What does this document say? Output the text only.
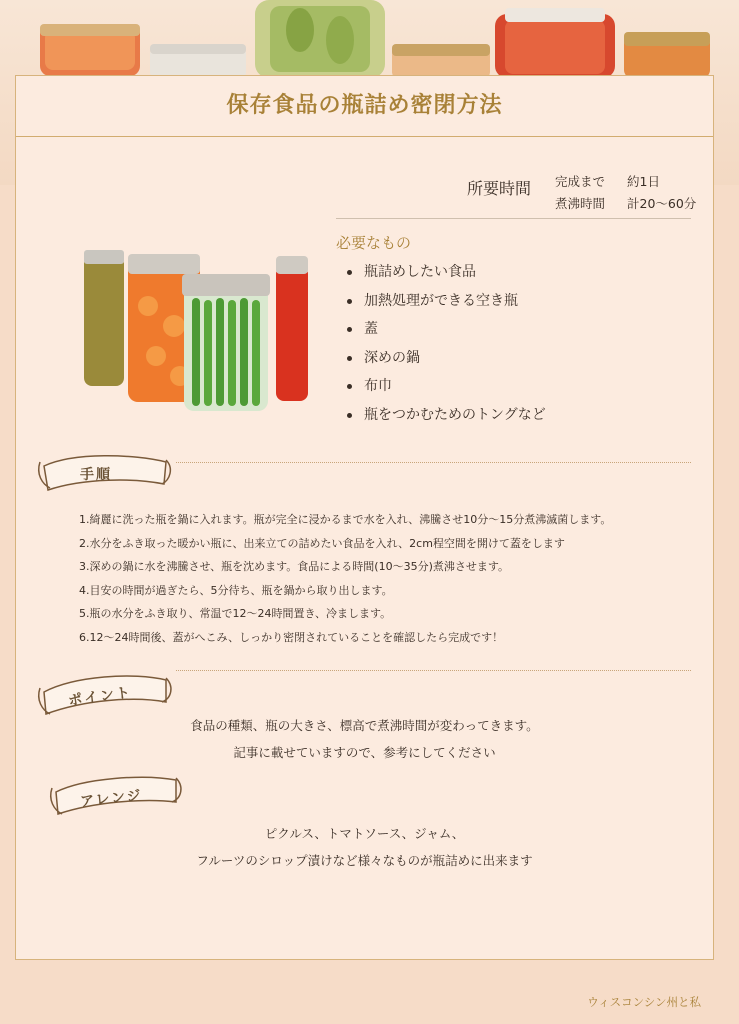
保存食品の瓶詰め密閉方法
所要時間 完成まで 約1日
煮沸時間 計20〜60分
必要なもの
瓶詰めしたい食品
加熱処理ができる空き瓶
蓋
深めの鍋
布巾
瓶をつかむためのトングなど
手順
1.綺麗に洗った瓶を鍋に入れます。瓶が完全に浸かるまで水を入れ、沸騰させ10分〜15分煮沸滅菌します。
2.水分をふき取った暖かい瓶に、出来立ての詰めたい食品を入れ、2cm程空間を開けて蓋をします
3.深めの鍋に水を沸騰させ、瓶を沈めます。食品による時間(10〜35分)煮沸させます。
4.目安の時間が過ぎたら、5分待ち、瓶を鍋から取り出します。
5.瓶の水分をふき取り、常温で12〜24時間置き、冷まします。
6.12〜24時間後、蓋がへこみ、しっかり密閉されていることを確認したら完成です！
ポイント
食品の種類、瓶の大きさ、標高で煮沸時間が変わってきます。
記事に載せていますので、参考にしてください
アレンジ
ピクルス、トマトソース、ジャム、
フルーツのシロップ漬けなど様々なものが瓶詰めに出来ます
ウィスコンシン州と私
